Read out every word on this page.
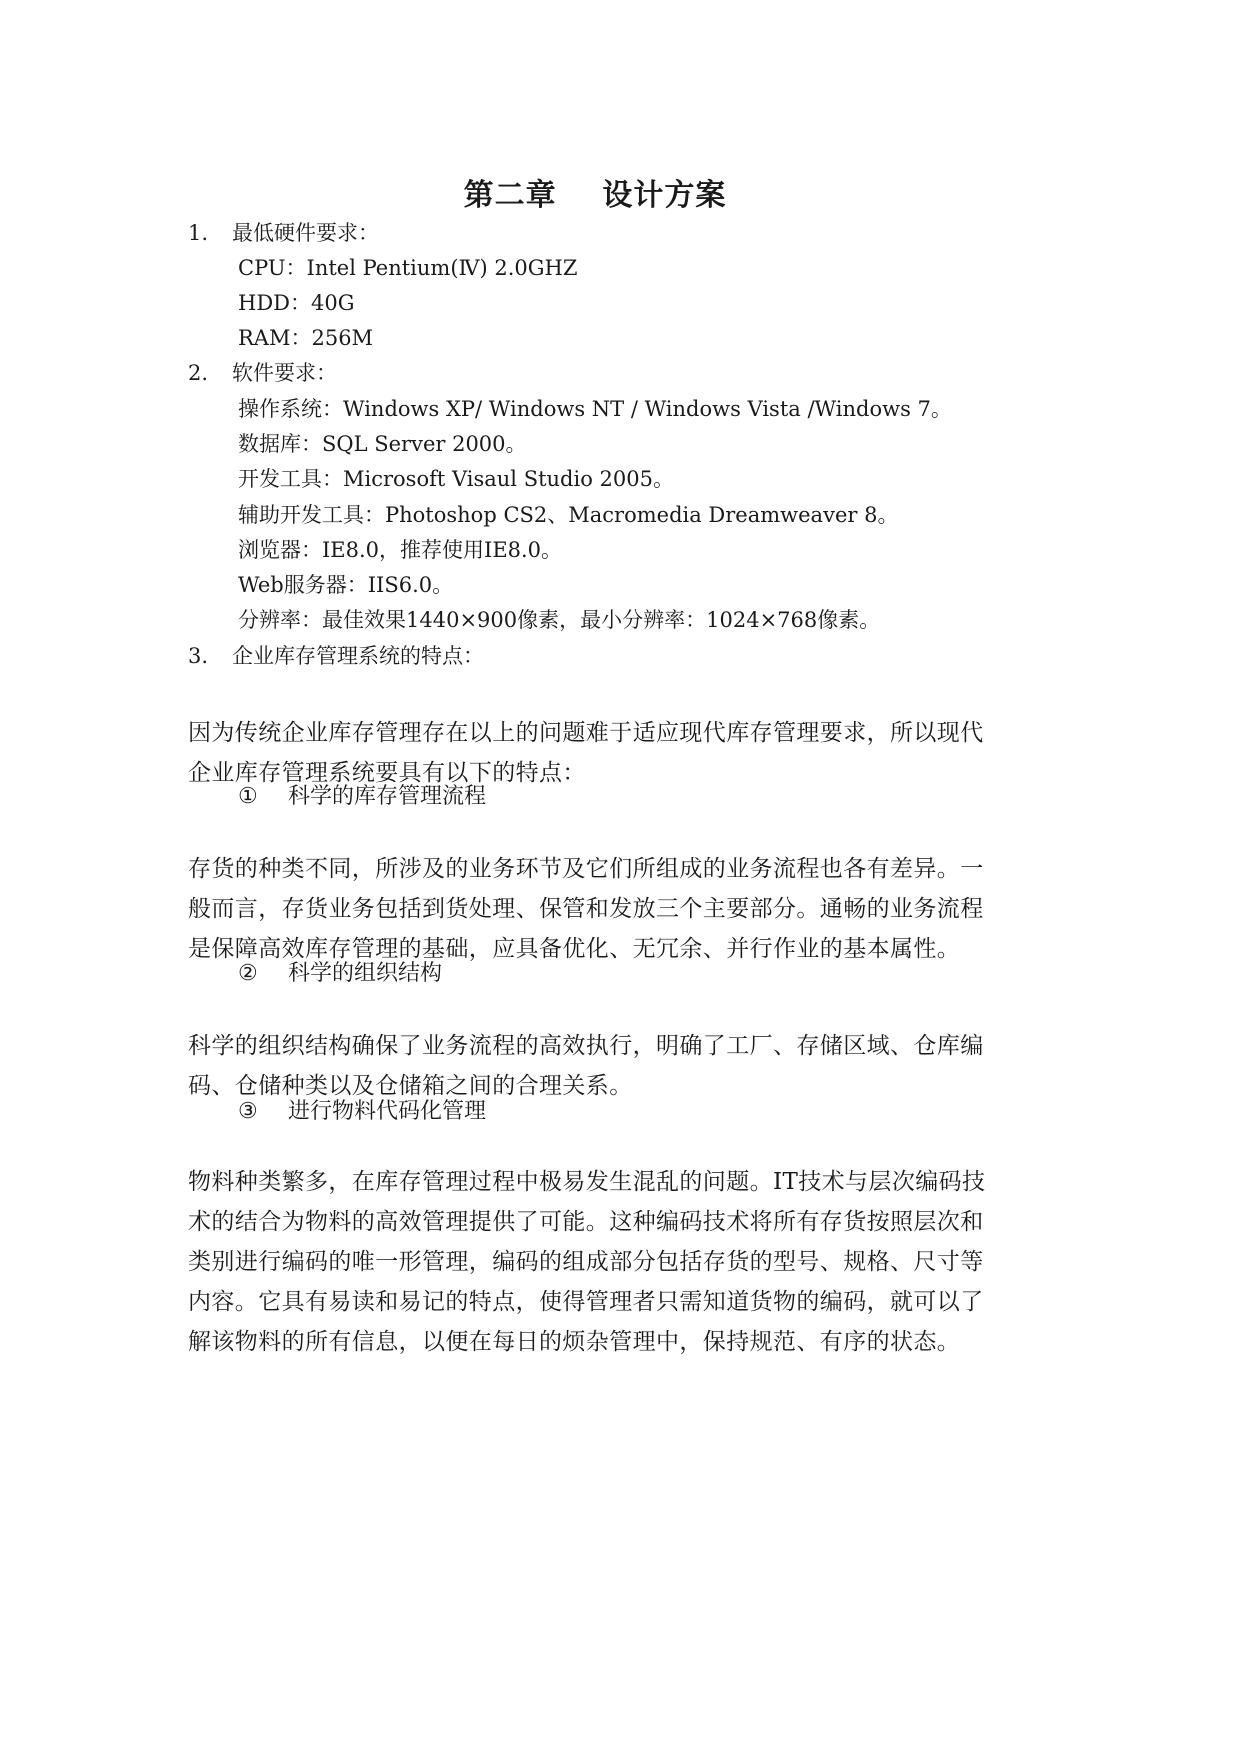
第二章    设计方案
1. 最低硬件要求：
CPU：Intel Pentium(Ⅳ) 2.0GHZ
HDD：40G
RAM：256M
2. 软件要求：
操作系统：Windows XP/ Windows NT / Windows Vista /Windows 7。
数据库：SQL Server 2000。
开发工具：Microsoft Visaul Studio 2005。
辅助开发工具：Photoshop CS2、Macromedia Dreamweaver 8。
浏览器：IE8.0，推荐使用IE8.0。
Web服务器：IIS6.0。
分辨率：最佳效果1440×900像素，最小分辨率：1024×768像素。
3. 企业库存管理系统的特点：
因为传统企业库存管理存在以上的问题难于适应现代库存管理要求，所以现代
企业库存管理系统要具有以下的特点：
① 科学的库存管理流程
存货的种类不同，所涉及的业务环节及它们所组成的业务流程也各有差异。一
般而言，存货业务包括到货处理、保管和发放三个主要部分。通畅的业务流程
是保障高效库存管理的基础，应具备优化、无冗余、并行作业的基本属性。
② 科学的组织结构
科学的组织结构确保了业务流程的高效执行，明确了工厂、存储区域、仓库编
码、仓储种类以及仓储箱之间的合理关系。
③ 进行物料代码化管理
物料种类繁多，在库存管理过程中极易发生混乱的问题。IT技术与层次编码技
术的结合为物料的高效管理提供了可能。这种编码技术将所有存货按照层次和
类别进行编码的唯一形管理，编码的组成部分包括存货的型号、规格、尺寸等
内容。它具有易读和易记的特点，使得管理者只需知道货物的编码，就可以了
解该物料的所有信息，以便在每日的烦杂管理中，保持规范、有序的状态。
